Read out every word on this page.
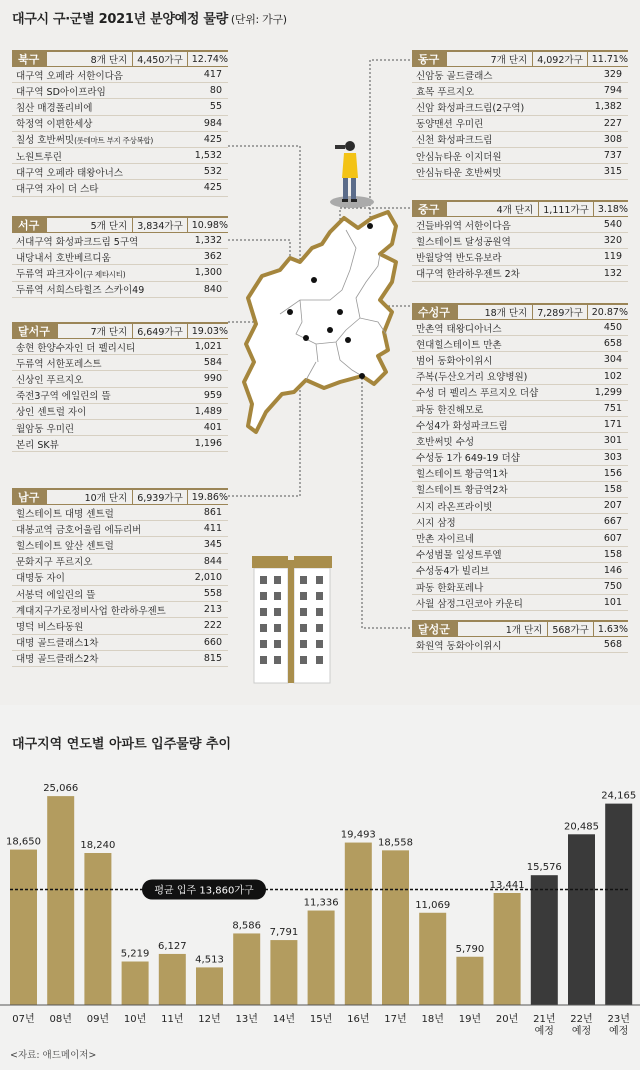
대구시 구·군별 2021년 분양예정 물량 (단위: 가구)
북구	8개 단지	4,450가구 12.74%
대구역 오페라 서한이다음	417
대구역 SD아이프라임	80
침산 매경폴리비에	55
학정역 이편한세상	984
칠성 호반써밋(롯데마트 부지 주상복합)	425
노원트루린	1,532
대구역 오페라 태왕아너스	532
대구역 자이 더 스타	425
서구	5개 단지	3,834가구 10.98%
서대구역 화성파크드림 5구역	1,332
내당내서 호반베르디움	362
두류역 파크자이(구 제타시티)	1,300
두류역 서희스타힐즈 스카이49	840
달서구	7개 단지	6,649가구 19.03%
송현 한양수자인 더 펠리시티	1,021
두류역 서한포레스트	584
신상인 푸르지오	990
죽전3구역 에일린의 뜰	959
상인 센트럴 자이	1,489
월암동 우미린	401
본리 SK뷰	1,196
남구	10개 단지	6,939가구 19.86%
힐스테이트 대명 센트럴	861
대봉교역 금호어울림 에듀리버	411
힐스테이트 앞산 센트럴	345
문화지구 푸르지오	844
대명동 자이	2,010
서봉덕 에일린의 뜰	558
계대지구가로정비사업 한라하우젠트	213
명덕 비스타동원	222
대명 골드클래스1차	660
대명 골드클래스2차	815
동구	7개 단지	4,092가구 11.71%
신암동 골드클래스	329
효목 푸르지오	794
신암 화성파크드림(2구역)	1,382
동양맨션 우미린	227
신천 화성파크드림	308
안심뉴타운 이지더원	737
안심뉴타운 호반써밋	315
중구	4개 단지	1,111가구 3.18%
건들바위역 서한이다음	540
힐스테이트 달성공원역	320
반월당역 반도유보라	119
대구역 한라하우젠트 2차	132
수성구	18개 단지	7,289가구 20.87%
만촌역 태왕디아너스	450
현대힐스테이트 만촌	658
범어 동화아이위시	304
주복(두산오거리 요양병원)	102
수성 더 펠리스 푸르지오 더샵	1,299
파동 한진해모로	751
수성4가 화성파크드림	171
호반써밋 수성	301
수성동 1가 649-19 더샵	303
힐스테이트 황금역1차	156
힐스테이트 황금역2차	158
시지 라온프라이빗	207
시지 삼정	667
만촌 자이르네	607
수성범물 일성트루엘	158
수성동4가 빌리브	146
파동 한화포레나	750
사월 삼정그린코아 카운티	101
달성군	1개 단지	568가구 1.63%
화원역 동화아이위시	568
대구지역 연도별 아파트 입주물량 추이
18,650
07년
25,066
08년
18,240
09년
5,219
10년
6,127
11년
4,513
12년
8,586
13년
7,791
14년
11,336
15년
19,493
16년
18,558
17년
11,069
18년
5,790
19년
13,441
20년
15,576
21년
예정
20,485
22년
예정
24,165
23년
예정
평균 입주 13,860가구
<자료: 애드메이저>
